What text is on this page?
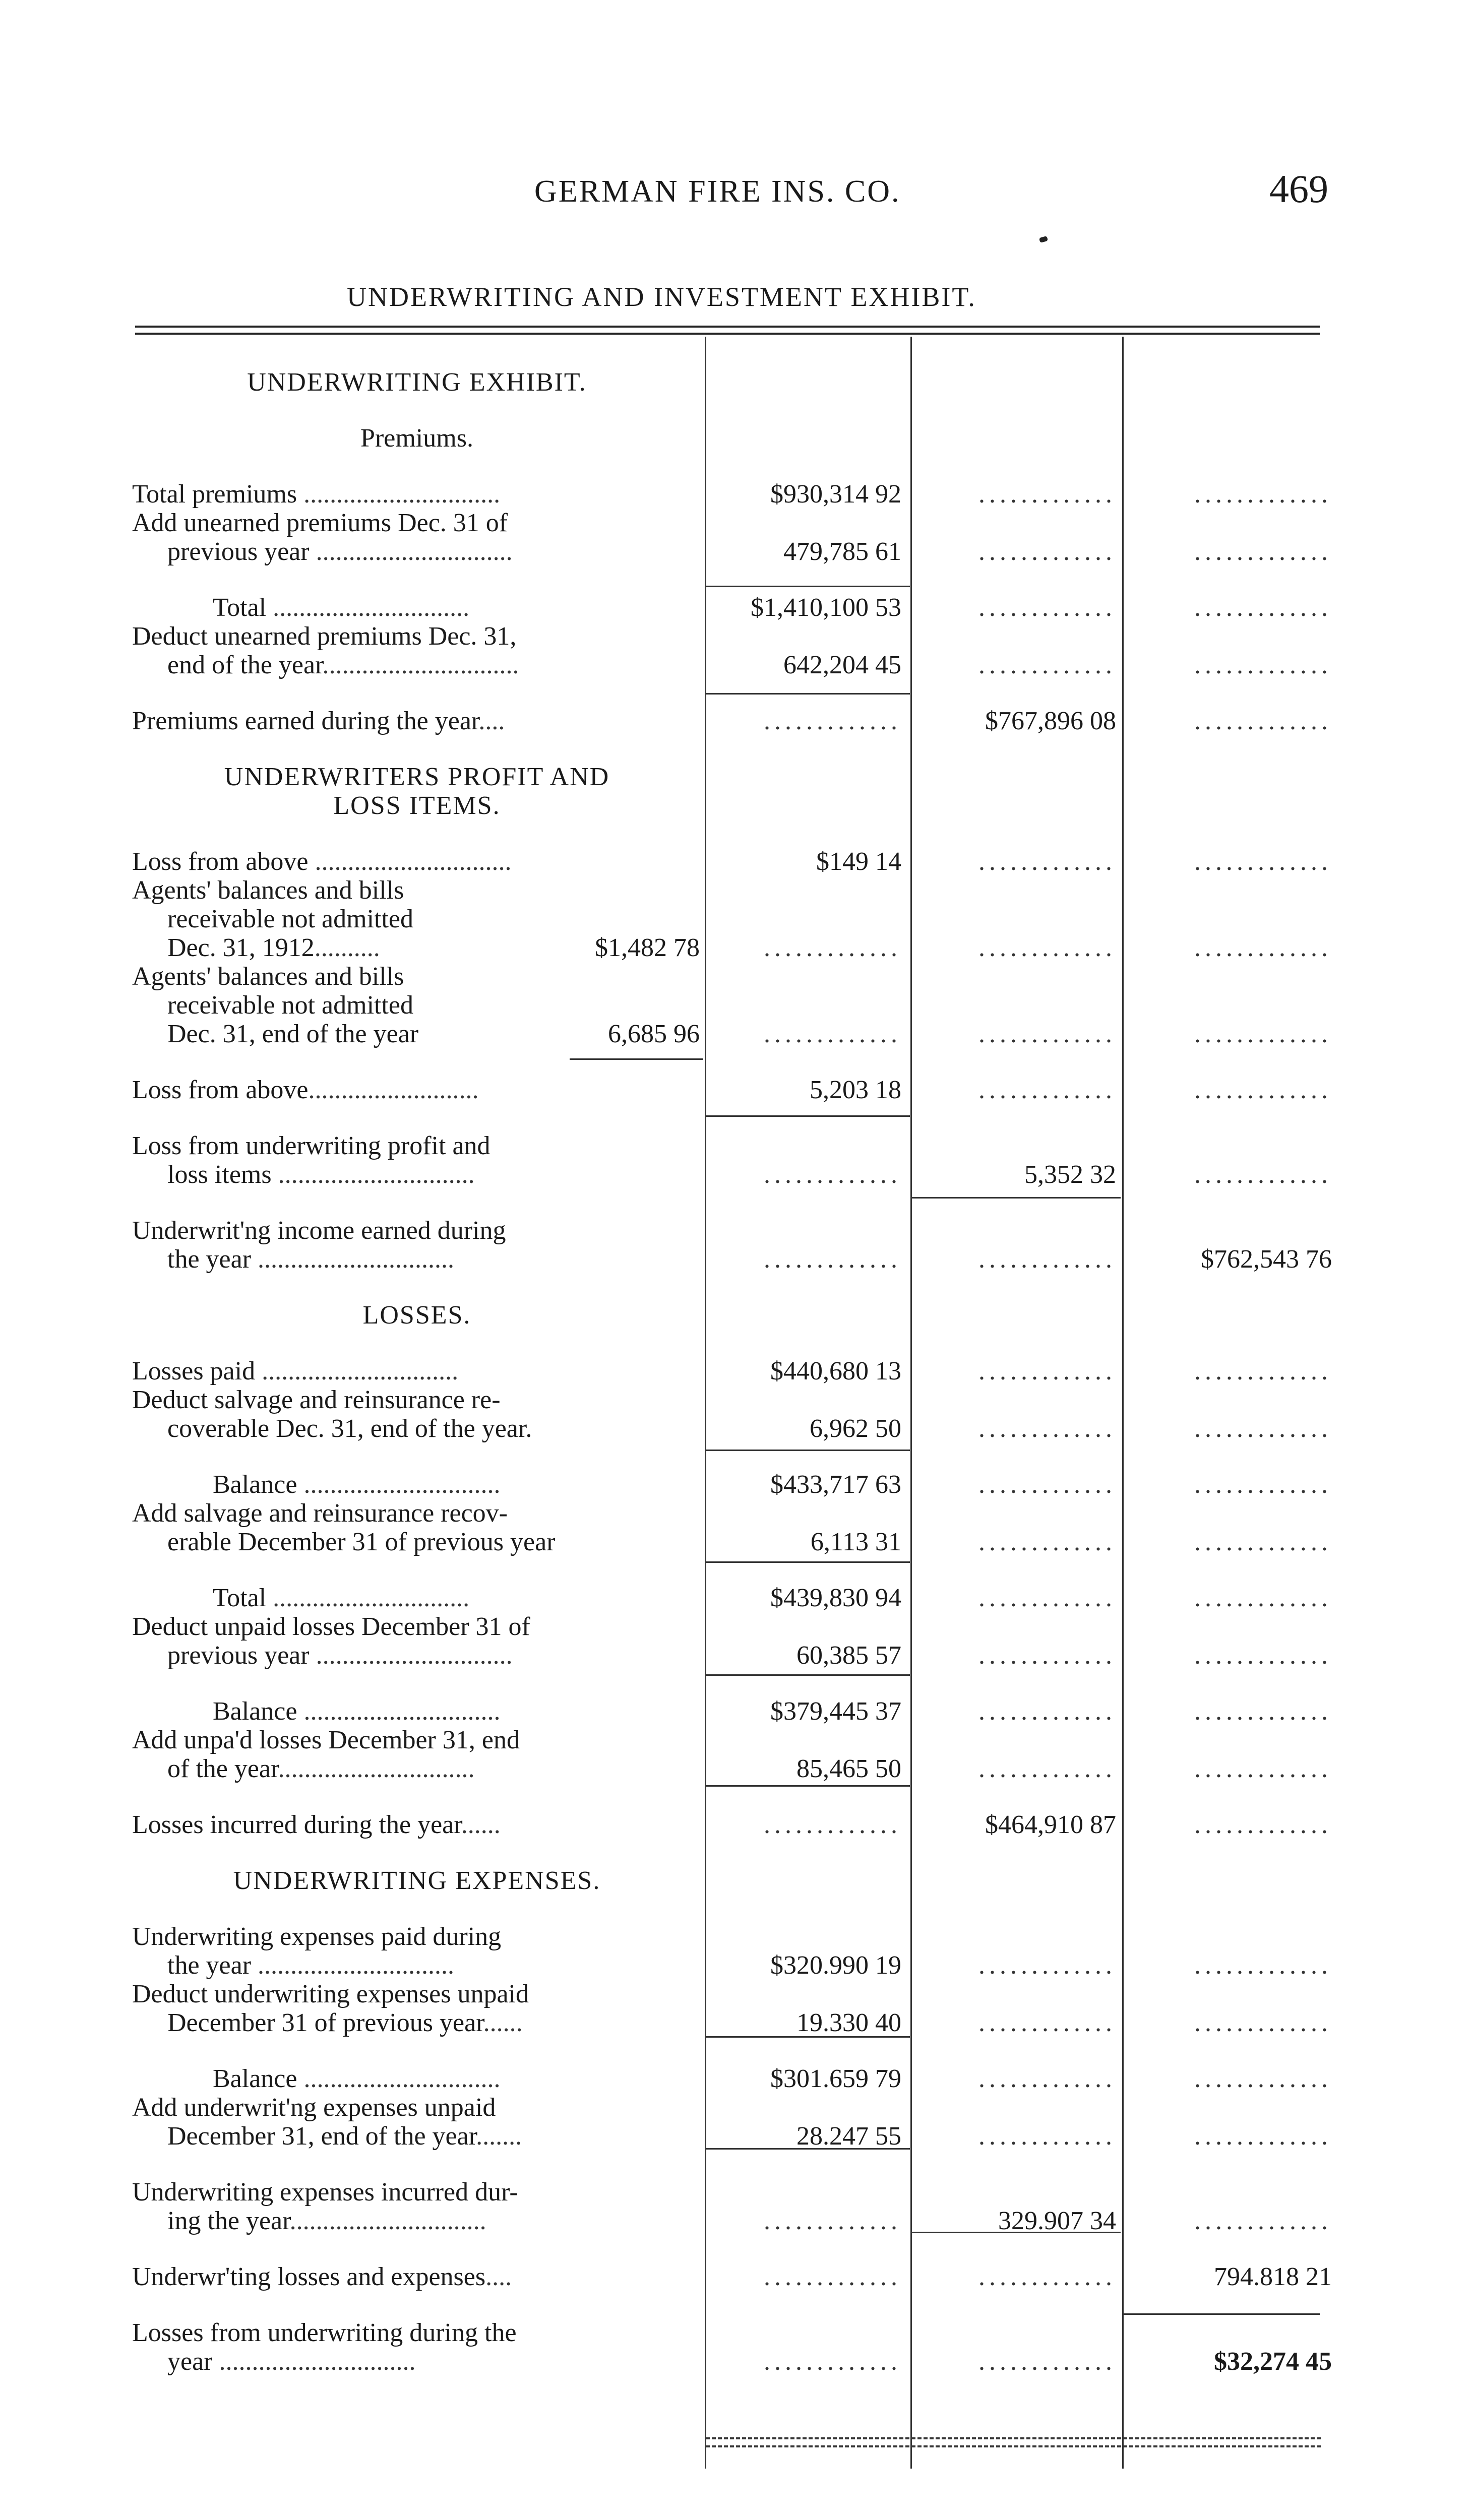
GERMAN FIRE INS. CO.	469
UNDERWRITING AND INVESTMENT EXHIBIT.
UNDERWRITING EXHIBIT.
Premiums.
Total premiums ..............................	$930,314 92	.............	.............
Add unearned premiums Dec. 31 of
previous year ..............................	479,785 61	.............	.............
Total ..............................	$1,410,100 53	.............	.............
Deduct unearned premiums Dec. 31,
end of the year..............................	642,204 45	.............	.............
Premiums earned during the year....	.............	$767,896 08	.............
UNDERWRITERS PROFIT AND
LOSS ITEMS.
Loss from above ..............................	$149 14	.............	.............
Agents' balances and bills
receivable not admitted
Dec. 31, 1912..........	$1,482 78	.............	.............	.............
Agents' balances and bills
receivable not admitted
Dec. 31, end of the year	6,685 96	.............	.............	.............
Loss from above..........................	5,203 18	.............	.............
Loss from underwriting profit and
loss items ..............................	.............	5,352 32	.............
Underwrit'ng income earned during
the year ..............................	.............	.............	$762,543 76
LOSSES.
Losses paid ..............................	$440,680 13	.............	.............
Deduct salvage and reinsurance re-
coverable Dec. 31, end of the year.	6,962 50	.............	.............
Balance ..............................	$433,717 63	.............	.............
Add salvage and reinsurance recov-
erable December 31 of previous year	6,113 31	.............	.............
Total ..............................	$439,830 94	.............	.............
Deduct unpaid losses December 31 of
previous year ..............................	60,385 57	.............	.............
Balance ..............................	$379,445 37	.............	.............
Add unpa'd losses December 31, end
of the year..............................	85,465 50	.............	.............
Losses incurred during the year......	.............	$464,910 87	.............
UNDERWRITING EXPENSES.
Underwriting expenses paid during
the year ..............................	$320.990 19	.............	.............
Deduct underwriting expenses unpaid
December 31 of previous year......	19.330 40	.............	.............
Balance ..............................	$301.659 79	.............	.............
Add underwrit'ng expenses unpaid
December 31, end of the year.......	28.247 55	.............	.............
Underwriting expenses incurred dur-
ing the year..............................	.............	329.907 34	.............
Underwr'ting losses and expenses....	.............	.............	794.818 21
Losses from underwriting during the
year ..............................	.............	.............	$32,274 45
